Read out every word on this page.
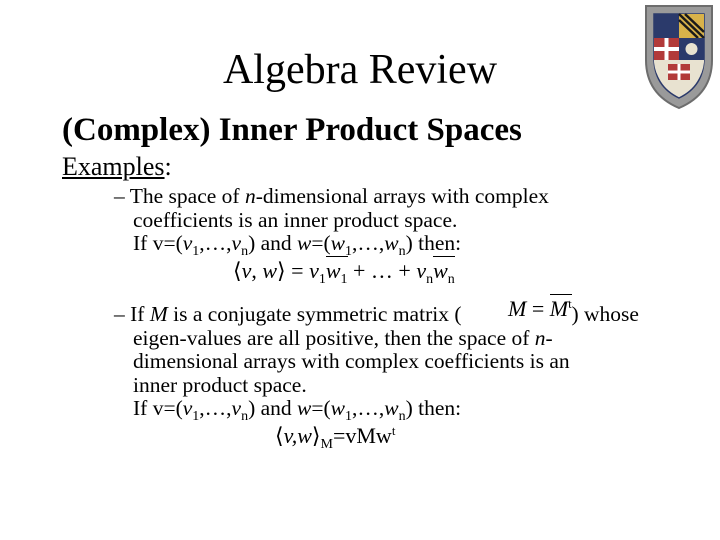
Algebra Review
(Complex) Inner Product Spaces
Examples:
– The space of n-dimensional arrays with complex
coefficients is an inner product space.
If $v=(v_1,\dots,v_n)$ and $w=(w_1,\dots,w_n)$ then:
⟨v, w⟩ = $v_1w_1$ + … + $v_nw_n$
– If M is a conjugate symmetric matrix (	) whose
eigen-values are all positive, then the space of n-
dimensional arrays with complex coefficients is an
inner product space.
If $v=(v_1,\dots,v_n)$ and $w=(w_1,\dots,w_n)$ then:
$M = M^t$
$⟨v,w⟩_M=vMw^t$
